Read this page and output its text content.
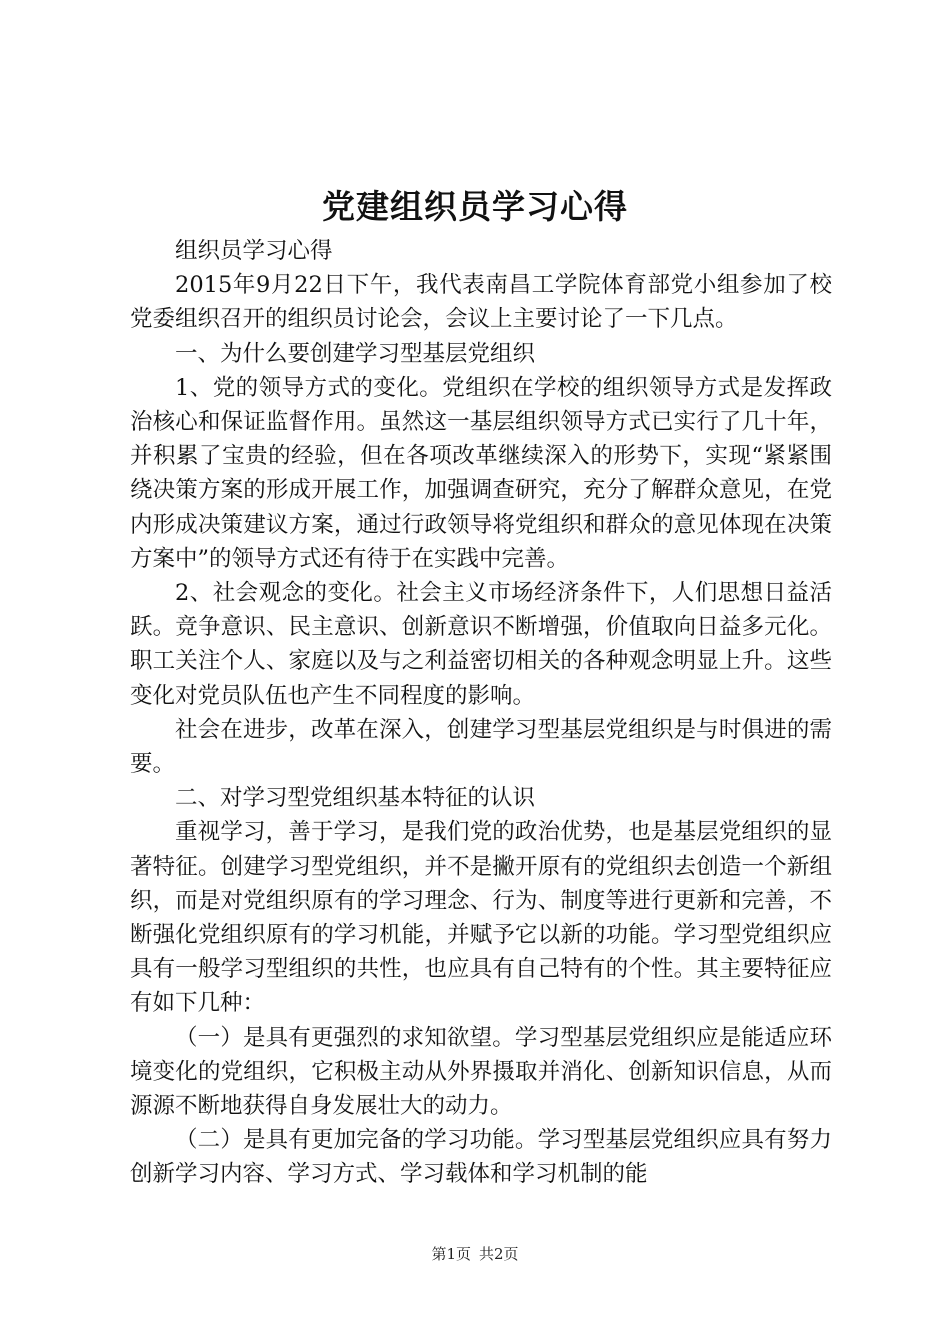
党建组织员学习心得

组织员学习心得

2015年9月22日下午，我代表南昌工学院体育部党小组参加了校党委组织召开的组织员讨论会，会议上主要讨论了一下几点。

一、为什么要创建学习型基层党组织

1、党的领导方式的变化。党组织在学校的组织领导方式是发挥政治核心和保证监督作用。虽然这一基层组织领导方式已实行了几十年，并积累了宝贵的经验，但在各项改革继续深入的形势下，实现“紧紧围绕决策方案的形成开展工作，加强调查研究，充分了解群众意见，在党内形成决策建议方案，通过行政领导将党组织和群众的意见体现在决策方案中”的领导方式还有待于在实践中完善。

2、社会观念的变化。社会主义市场经济条件下，人们思想日益活跃。竞争意识、民主意识、创新意识不断增强，价值取向日益多元化。职工关注个人、家庭以及与之利益密切相关的各种观念明显上升。这些变化对党员队伍也产生不同程度的影响。

社会在进步，改革在深入，创建学习型基层党组织是与时俱进的需要。

二、对学习型党组织基本特征的认识

重视学习，善于学习，是我们党的政治优势，也是基层党组织的显著特征。创建学习型党组织，并不是撇开原有的党组织去创造一个新组织，而是对党组织原有的学习理念、行为、制度等进行更新和完善，不断强化党组织原有的学习机能，并赋予它以新的功能。学习型党组织应具有一般学习型组织的共性，也应具有自己特有的个性。其主要特征应有如下几种：

（一）是具有更强烈的求知欲望。学习型基层党组织应是能适应环境变化的党组织，它积极主动从外界摄取并消化、创新知识信息，从而源源不断地获得自身发展壮大的动力。

（二）是具有更加完备的学习功能。学习型基层党组织应具有努力创新学习内容、学习方式、学习载体和学习机制的能

第1页 共2页
